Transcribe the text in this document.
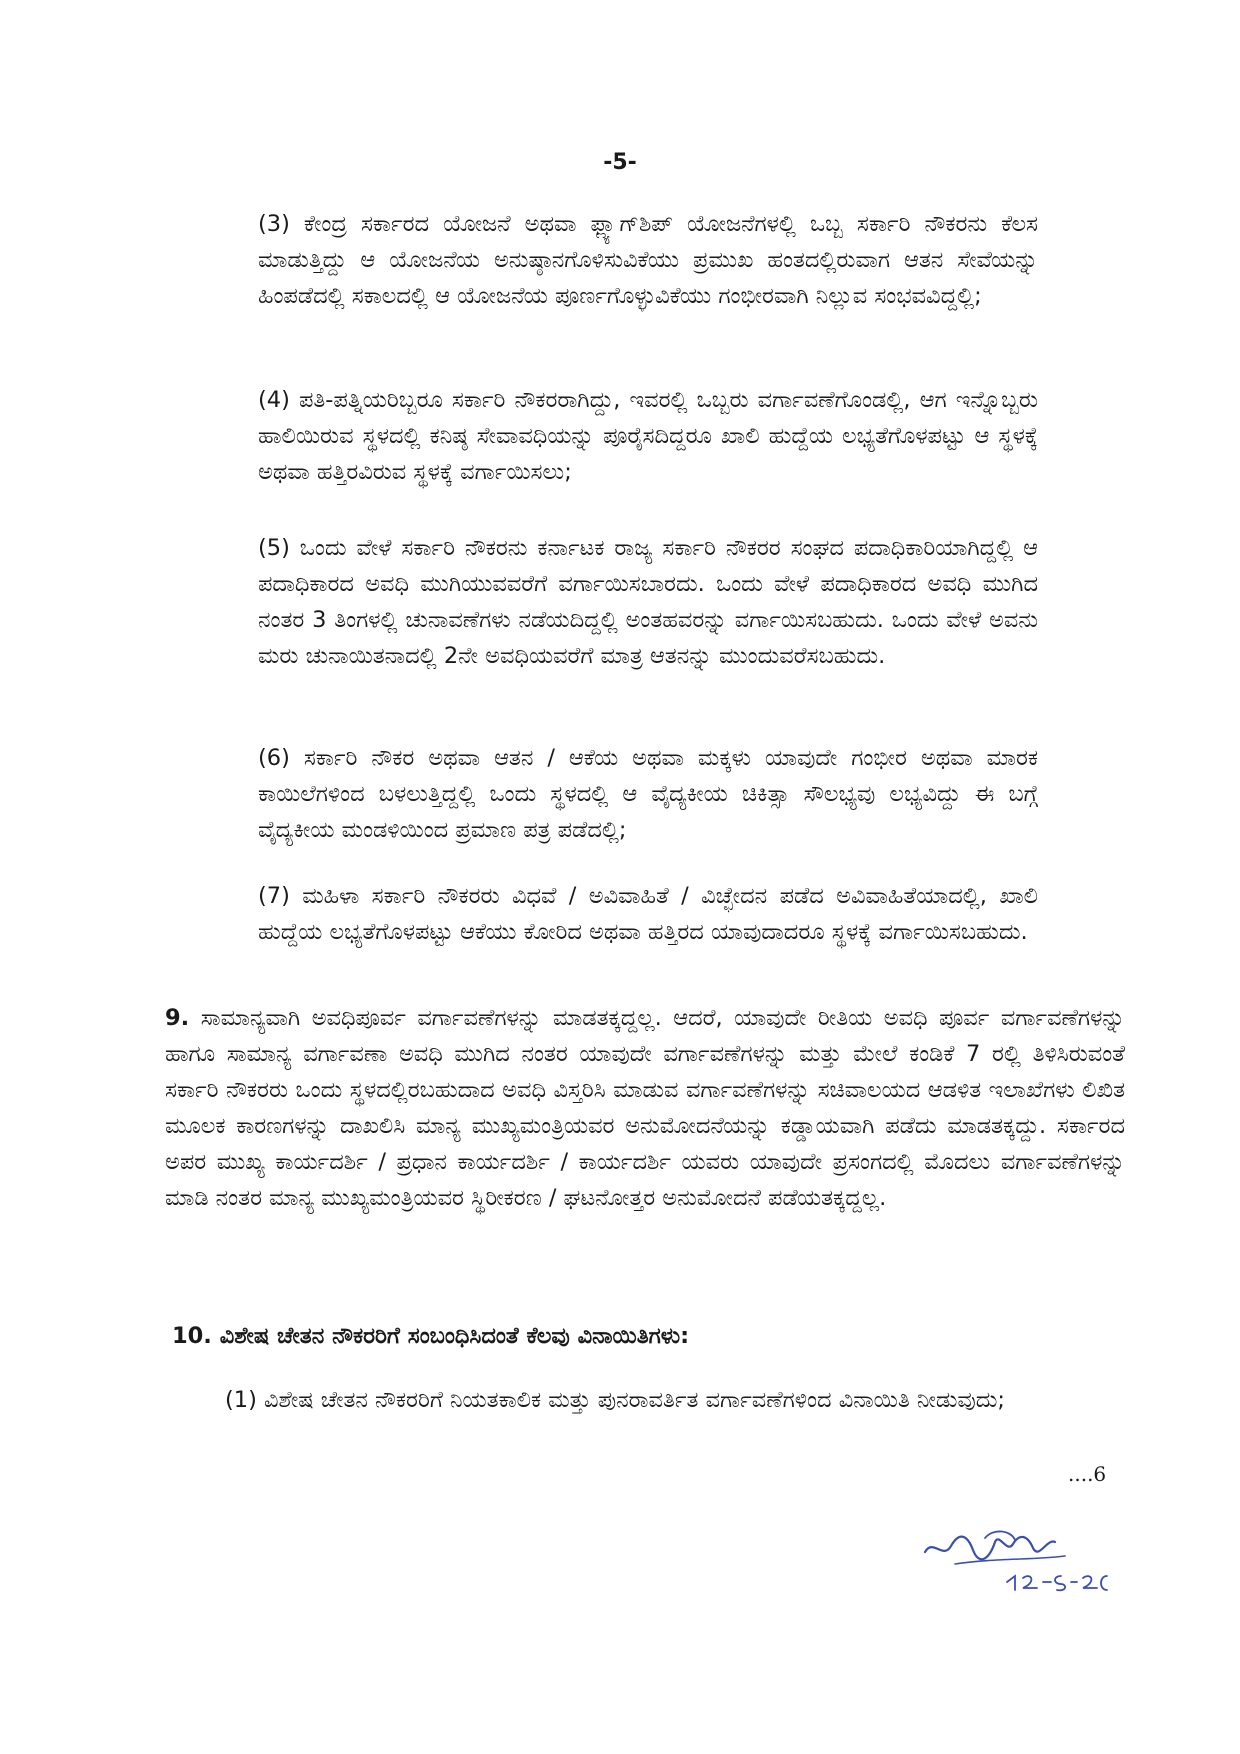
-5-

(3) ಕೇಂದ್ರ ಸರ್ಕಾರದ ಯೋಜನೆ ಅಥವಾ ಫ್ಲ್ಯಾಗ್‌ಶಿಪ್ ಯೋಜನೆಗಳಲ್ಲಿ ಒಬ್ಬ ಸರ್ಕಾರಿ ನೌಕರನು ಕೆಲಸ ಮಾಡುತ್ತಿದ್ದು ಆ ಯೋಜನೆಯ ಅನುಷ್ಠಾನಗೊಳಿಸುವಿಕೆಯು ಪ್ರಮುಖ ಹಂತದಲ್ಲಿರುವಾಗ ಆತನ ಸೇವೆಯನ್ನು ಹಿಂಪಡೆದಲ್ಲಿ ಸಕಾಲದಲ್ಲಿ ಆ ಯೋಜನೆಯ ಪೂರ್ಣಗೊಳ್ಳುವಿಕೆಯು ಗಂಭೀರವಾಗಿ ನಿಲ್ಲುವ ಸಂಭವವಿದ್ದಲ್ಲಿ;

(4) ಪತಿ-ಪತ್ನಿಯರಿಬ್ಬರೂ ಸರ್ಕಾರಿ ನೌಕರರಾಗಿದ್ದು, ಇವರಲ್ಲಿ ಒಬ್ಬರು ವರ್ಗಾವಣೆಗೊಂಡಲ್ಲಿ, ಆಗ ಇನ್ನೊಬ್ಬರು ಹಾಲಿಯಿರುವ ಸ್ಥಳದಲ್ಲಿ ಕನಿಷ್ಠ ಸೇವಾವಧಿಯನ್ನು ಪೂರೈಸದಿದ್ದರೂ ಖಾಲಿ ಹುದ್ದೆಯ ಲಭ್ಯತೆಗೊಳಪಟ್ಟು ಆ ಸ್ಥಳಕ್ಕೆ ಅಥವಾ ಹತ್ತಿರವಿರುವ ಸ್ಥಳಕ್ಕೆ ವರ್ಗಾಯಿಸಲು;

(5) ಒಂದು ವೇಳೆ ಸರ್ಕಾರಿ ನೌಕರನು ಕರ್ನಾಟಕ ರಾಜ್ಯ ಸರ್ಕಾರಿ ನೌಕರರ ಸಂಘದ ಪದಾಧಿಕಾರಿಯಾಗಿದ್ದಲ್ಲಿ ಆ ಪದಾಧಿಕಾರದ ಅವಧಿ ಮುಗಿಯುವವರೆಗೆ ವರ್ಗಾಯಿಸಬಾರದು. ಒಂದು ವೇಳೆ ಪದಾಧಿಕಾರದ ಅವಧಿ ಮುಗಿದ ನಂತರ 3 ತಿಂಗಳಲ್ಲಿ ಚುನಾವಣೆಗಳು ನಡೆಯದಿದ್ದಲ್ಲಿ ಅಂತಹವರನ್ನು ವರ್ಗಾಯಿಸಬಹುದು. ಒಂದು ವೇಳೆ ಅವನು ಮರು ಚುನಾಯಿತನಾದಲ್ಲಿ 2ನೇ ಅವಧಿಯವರೆಗೆ ಮಾತ್ರ ಆತನನ್ನು ಮುಂದುವರೆಸಬಹುದು.

(6) ಸರ್ಕಾರಿ ನೌಕರ ಅಥವಾ ಆತನ / ಆಕೆಯ ಅಥವಾ ಮಕ್ಕಳು ಯಾವುದೇ ಗಂಭೀರ ಅಥವಾ ಮಾರಕ ಕಾಯಿಲೆಗಳಿಂದ ಬಳಲುತ್ತಿದ್ದಲ್ಲಿ ಒಂದು ಸ್ಥಳದಲ್ಲಿ ಆ ವೈದ್ಯಕೀಯ ಚಿಕಿತ್ಸಾ ಸೌಲಭ್ಯವು ಲಭ್ಯವಿದ್ದು ಈ ಬಗ್ಗೆ ವೈದ್ಯಕೀಯ ಮಂಡಳಿಯಿಂದ ಪ್ರಮಾಣ ಪತ್ರ ಪಡೆದಲ್ಲಿ;

(7) ಮಹಿಳಾ ಸರ್ಕಾರಿ ನೌಕರರು ವಿಧವೆ / ಅವಿವಾಹಿತೆ / ವಿಚ್ಛೇದನ ಪಡೆದ ಅವಿವಾಹಿತೆಯಾದಲ್ಲಿ, ಖಾಲಿ ಹುದ್ದೆಯ ಲಭ್ಯತೆಗೊಳಪಟ್ಟು ಆಕೆಯು ಕೋರಿದ ಅಥವಾ ಹತ್ತಿರದ ಯಾವುದಾದರೂ ಸ್ಥಳಕ್ಕೆ ವರ್ಗಾಯಿಸಬಹುದು.

9. ಸಾಮಾನ್ಯವಾಗಿ ಅವಧಿಪೂರ್ವ ವರ್ಗಾವಣೆಗಳನ್ನು ಮಾಡತಕ್ಕದ್ದಲ್ಲ. ಆದರೆ, ಯಾವುದೇ ರೀತಿಯ ಅವಧಿ ಪೂರ್ವ ವರ್ಗಾವಣೆಗಳನ್ನು ಹಾಗೂ ಸಾಮಾನ್ಯ ವರ್ಗಾವಣಾ ಅವಧಿ ಮುಗಿದ ನಂತರ ಯಾವುದೇ ವರ್ಗಾವಣೆಗಳನ್ನು ಮತ್ತು ಮೇಲೆ ಕಂಡಿಕೆ 7 ರಲ್ಲಿ ತಿಳಿಸಿರುವಂತೆ ಸರ್ಕಾರಿ ನೌಕರರು ಒಂದು ಸ್ಥಳದಲ್ಲಿರಬಹುದಾದ ಅವಧಿ ವಿಸ್ತರಿಸಿ ಮಾಡುವ ವರ್ಗಾವಣೆಗಳನ್ನು ಸಚಿವಾಲಯದ ಆಡಳಿತ ಇಲಾಖೆಗಳು ಲಿಖಿತ ಮೂಲಕ ಕಾರಣಗಳನ್ನು ದಾಖಲಿಸಿ ಮಾನ್ಯ ಮುಖ್ಯಮಂತ್ರಿಯವರ ಅನುಮೋದನೆಯನ್ನು ಕಡ್ಡಾಯವಾಗಿ ಪಡೆದು ಮಾಡತಕ್ಕದ್ದು. ಸರ್ಕಾರದ ಅಪರ ಮುಖ್ಯ ಕಾರ್ಯದರ್ಶಿ / ಪ್ರಧಾನ ಕಾರ್ಯದರ್ಶಿ / ಕಾರ್ಯದರ್ಶಿ ಯವರು ಯಾವುದೇ ಪ್ರಸಂಗದಲ್ಲಿ ಮೊದಲು ವರ್ಗಾವಣೆಗಳನ್ನು ಮಾಡಿ ನಂತರ ಮಾನ್ಯ ಮುಖ್ಯಮಂತ್ರಿಯವರ ಸ್ಥಿರೀಕರಣ / ಘಟನೋತ್ತರ ಅನುಮೋದನೆ ಪಡೆಯತಕ್ಕದ್ದಲ್ಲ.

10. ವಿಶೇಷ ಚೇತನ ನೌಕರರಿಗೆ ಸಂಬಂಧಿಸಿದಂತೆ ಕೆಲವು ವಿನಾಯಿತಿಗಳು:
(1) ವಿಶೇಷ ಚೇತನ ನೌಕರರಿಗೆ ನಿಯತಕಾಲಿಕ ಮತ್ತು ಪುನರಾವರ್ತಿತ ವರ್ಗಾವಣೆಗಳಿಂದ ವಿನಾಯಿತಿ ನೀಡುವುದು;
....6
